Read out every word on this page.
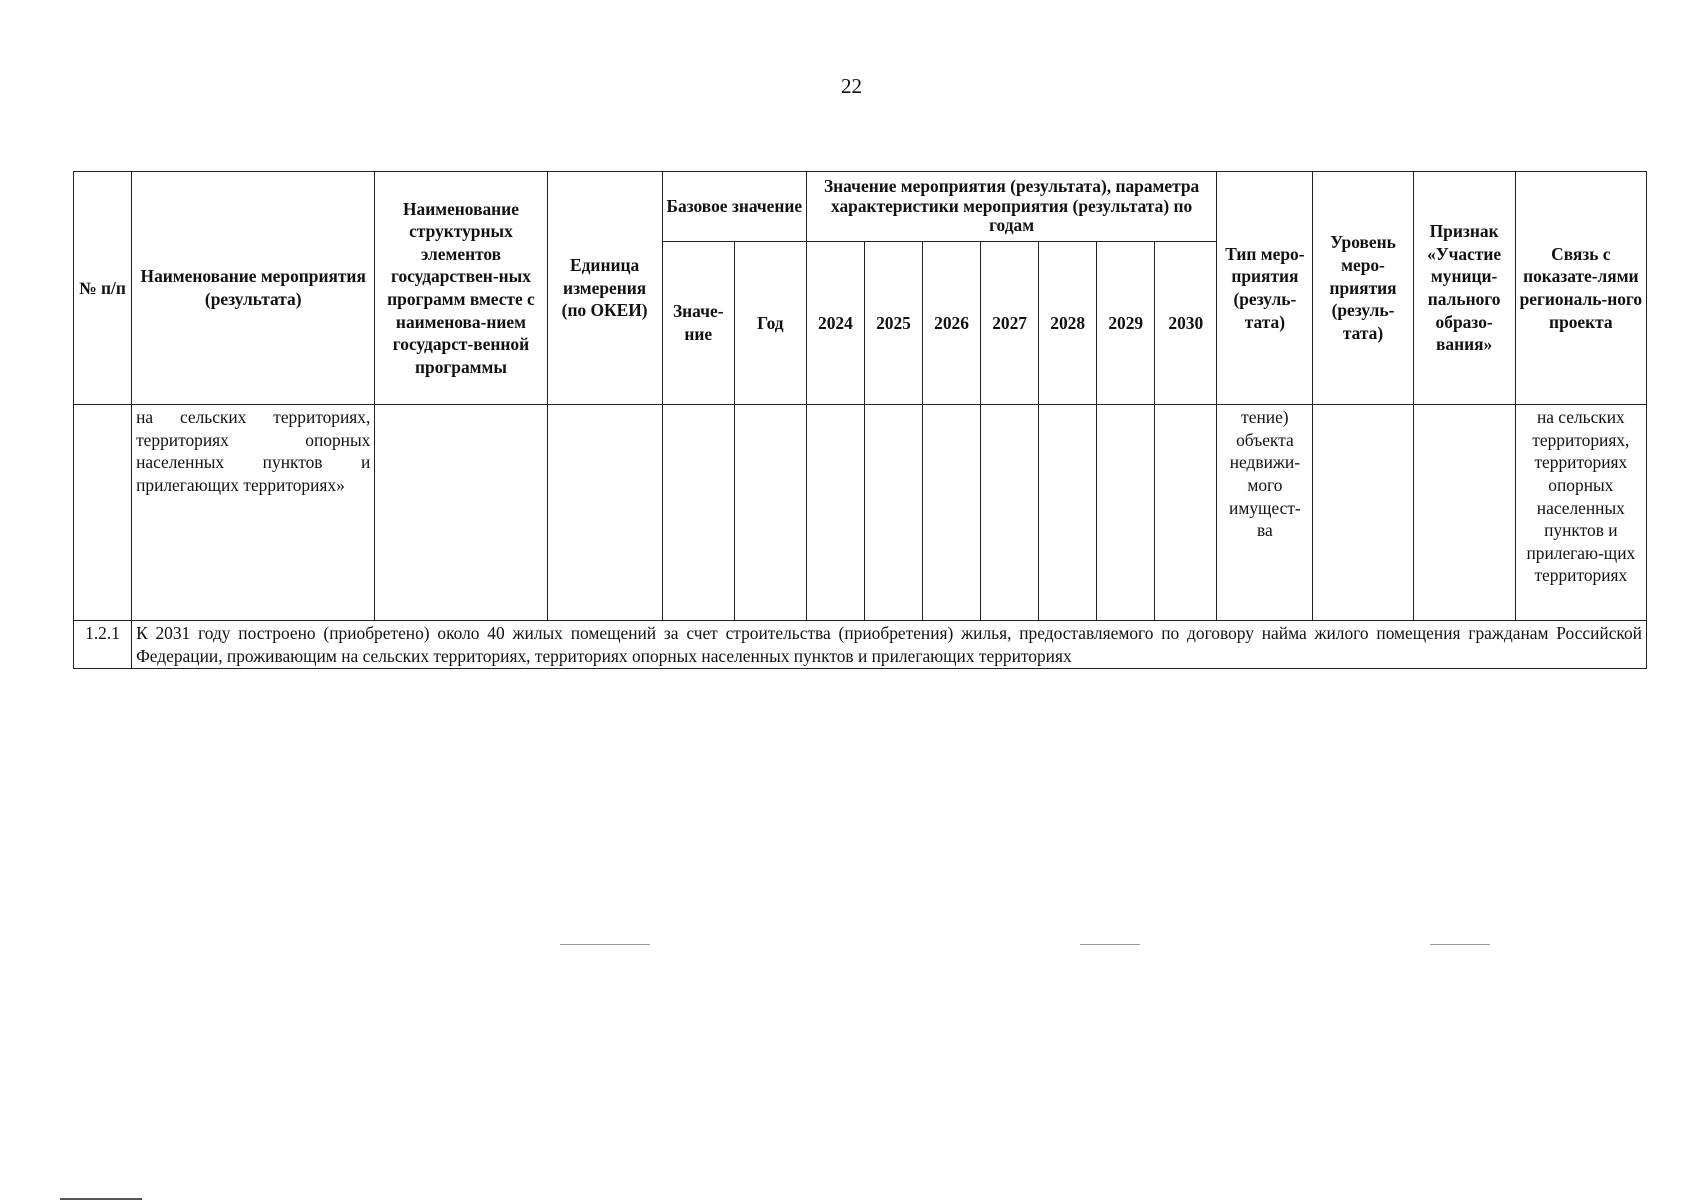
22
№ п/п	Наименование мероприятия (результата)	Наименование структурных элементов государствен-ных программ вместе с наименова-нием государст-венной программы	Единица измерения (по ОКЕИ)	Базовое значение		Значение мероприятия (результата), параметра характеристики мероприятия (результата) по годам							Тип меро-приятия (резуль-тата)	Уровень меро-приятия (резуль-тата)	Признак «Участие муници-пального образо-вания»	Связь с показате-лями региональ-ного проекта
				Значе-ние	Год	2024	2025	2026	2027	2028	2029	2030				
	на сельских территориях, территориях опорных населенных пунктов и прилегающих территориях»												тение) объекта недвижи-мого имущест-ва			на сельских территориях, территориях опорных населенных пунктов и прилегаю-щих территориях
1.2.1	К 2031 году построено (приобретено) около 40 жилых помещений за счет строительства (приобретения) жилья, предоставляемого по договору найма жилого помещения гражданам Российской Федерации, проживающим на сельских территориях, территориях опорных населенных пунктов и прилегающих территориях															
